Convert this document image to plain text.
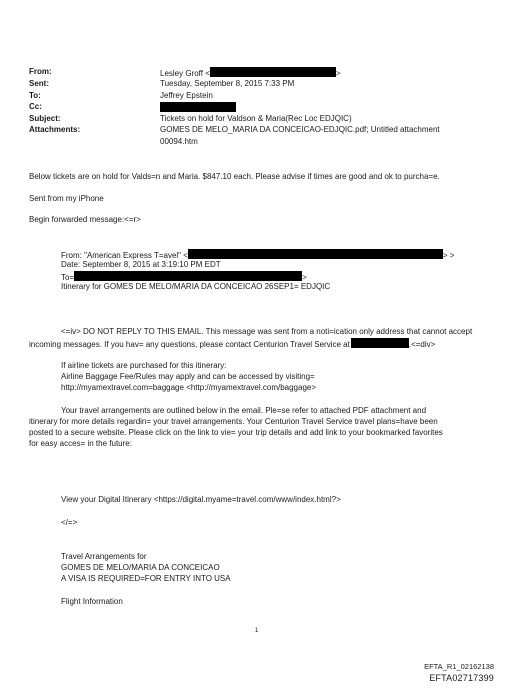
From:	Lesley Groff <	>
Sent:	Tuesday, September 8, 2015 7:33 PM
To:	Jeffrey Epstein
Cc:
Subject:	Tickets on hold for Valdson & Maria(Rec Loc EDJQIC)
Attachments:	GOMES DE MELO_MARIA DA CONCEICAO-EDJQIC.pdf; Untitled attachment
00094.htm
Below tickets are on hold for Valds=n and Maria. $847.10 each. Please advise if times are good and ok to purcha=e.
Sent from my iPhone
Begin forwarded message:<=r>
From: "American Express T=avel" <	> >
Date: September 8, 2015 at 3:19:10 PM EDT
To=	>
Itinerary for GOMES DE MELO/MARIA DA CONCEICAO 26SEP1= EDJQIC
<=iv> DO NOT REPLY TO THIS EMAIL. This message was sent from a noti=ication only address that cannot accept
incoming messages. If you hav= any questions, please contact Centurion Travel Service at	.<=div>
If airline tickets are purchased for this itinerary:
Airline Baggage Fee/Rules may apply and can be accessed by visiting=
http://myamextravel.com=baggage <http://myamextravel.com/baggage>
Your travel arrangements are outlined below in the email. Ple=se refer to attached PDF attachment and
itinerary for more details regardin= your travel arrangements. Your Centurion Travel Service travel plans=have been
posted to a secure website. Please click on the link to vie= your trip details and add link to your bookmarked favorites
for easy acces= in the future:
View your Digital Itinerary <https://digital.myame=travel.com/www/index.html?>
</=>
Travel Arrangements for
GOMES DE MELO/MARIA DA CONCEICAO
A VISA IS REQUIRED=FOR ENTRY INTO USA
Flight Information
1
EFTA_R1_02162138
EFTA02717399
